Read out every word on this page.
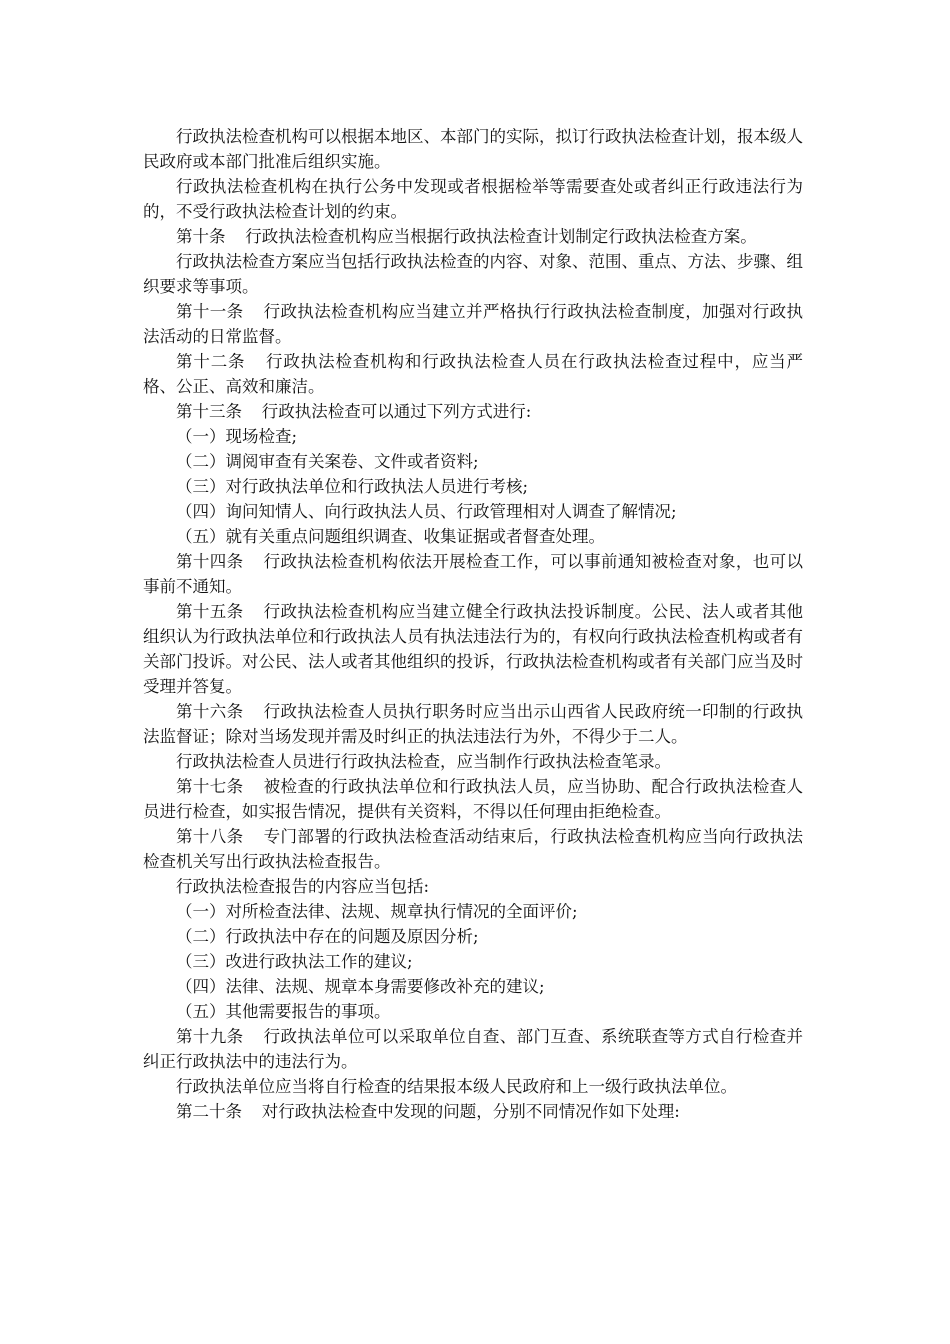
行政执法检查机构可以根据本地区、本部门的实际，拟订行政执法检查计划，报本级人民政府或本部门批准后组织实施。

行政执法检查机构在执行公务中发现或者根据检举等需要查处或者纠正行政违法行为的，不受行政执法检查计划的约束。

第十条 行政执法检查机构应当根据行政执法检查计划制定行政执法检查方案。

行政执法检查方案应当包括行政执法检查的内容、对象、范围、重点、方法、步骤、组织要求等事项。

第十一条 行政执法检查机构应当建立并严格执行行政执法检查制度，加强对行政执法活动的日常监督。

第十二条 行政执法检查机构和行政执法检查人员在行政执法检查过程中，应当严格、公正、高效和廉洁。

第十三条 行政执法检查可以通过下列方式进行:

（一）现场检查;

（二）调阅审查有关案卷、文件或者资料;

（三）对行政执法单位和行政执法人员进行考核;

（四）询问知情人、向行政执法人员、行政管理相对人调查了解情况;

（五）就有关重点问题组织调查、收集证据或者督查处理。

第十四条 行政执法检查机构依法开展检查工作，可以事前通知被检查对象，也可以事前不通知。

第十五条 行政执法检查机构应当建立健全行政执法投诉制度。公民、法人或者其他组织认为行政执法单位和行政执法人员有执法违法行为的，有权向行政执法检查机构或者有关部门投诉。对公民、法人或者其他组织的投诉，行政执法检查机构或者有关部门应当及时受理并答复。

第十六条 行政执法检查人员执行职务时应当出示山西省人民政府统一印制的行政执法监督证；除对当场发现并需及时纠正的执法违法行为外，不得少于二人。

行政执法检查人员进行行政执法检查，应当制作行政执法检查笔录。

第十七条 被检查的行政执法单位和行政执法人员，应当协助、配合行政执法检查人员进行检查，如实报告情况，提供有关资料，不得以任何理由拒绝检查。

第十八条 专门部署的行政执法检查活动结束后，行政执法检查机构应当向行政执法检查机关写出行政执法检查报告。

行政执法检查报告的内容应当包括:

（一）对所检查法律、法规、规章执行情况的全面评价;

（二）行政执法中存在的问题及原因分析;

（三）改进行政执法工作的建议;

（四）法律、法规、规章本身需要修改补充的建议;

（五）其他需要报告的事项。

第十九条 行政执法单位可以采取单位自查、部门互查、系统联查等方式自行检查并纠正行政执法中的违法行为。

行政执法单位应当将自行检查的结果报本级人民政府和上一级行政执法单位。

第二十条 对行政执法检查中发现的问题，分别不同情况作如下处理:
